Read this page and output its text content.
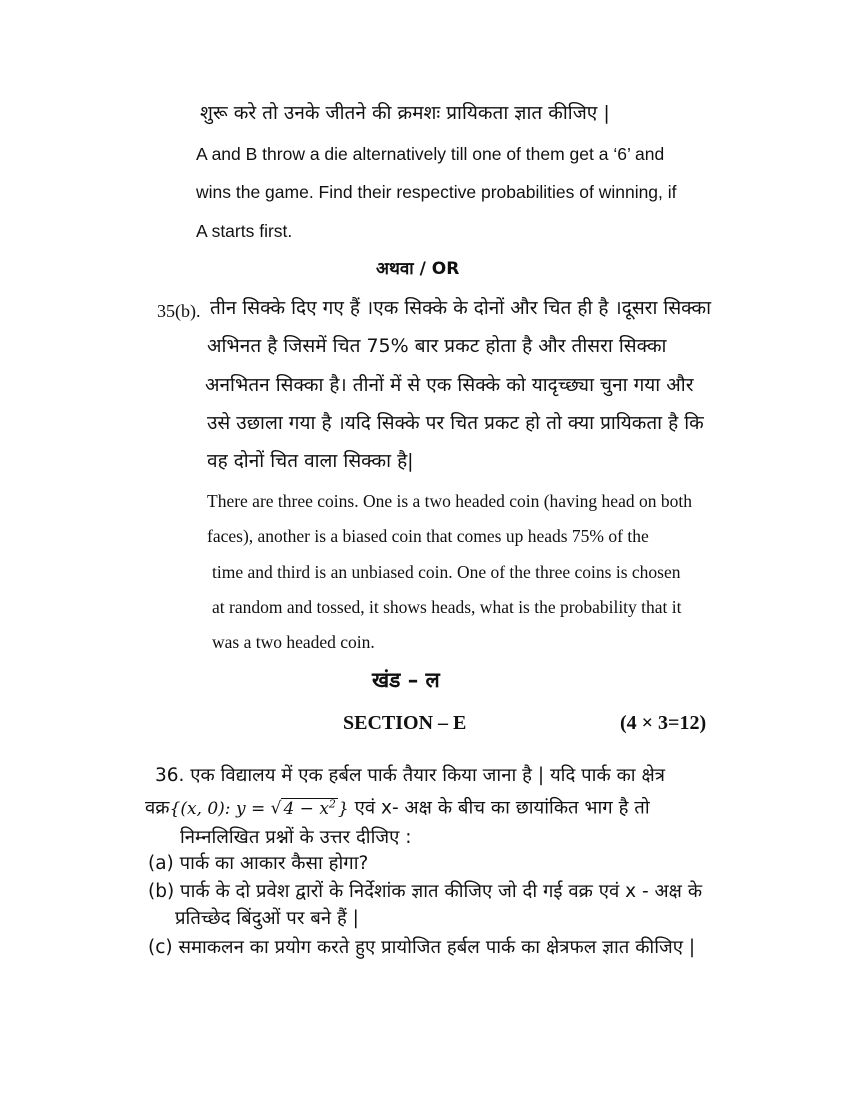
शुरू करे तो उनके जीतने की क्रमशः प्रायिकता ज्ञात कीजिए |
A and B throw a die alternatively till one of them get a ‘6’ and
wins the game. Find their respective probabilities of winning, if
A starts first.
अथवा / OR
35(b). तीन सिक्के दिए गए हैं ।एक सिक्के के दोनों और चित ही है ।दूसरा सिक्का
अभिनत है जिसमें चित 75% बार प्रकट होता है और तीसरा सिक्का
अनभितन सिक्का है। तीनों में से एक सिक्के को यादृच्छ्या चुना गया और
उसे उछाला गया है ।यदि सिक्के पर चित प्रकट हो तो क्या प्रायिकता है कि
वह दोनों चित वाला सिक्का है|
There are three coins. One is a two headed coin (having head on both
faces), another is a biased coin that comes up heads 75% of the
time and third is an unbiased coin. One of the three coins is chosen
at random and tossed, it shows heads, what is the probability that it
was a two headed coin.
खंड – ल
SECTION – E	(4 × 3=12)
36. एक विद्यालय में एक हर्बल पार्क तैयार किया जाना है | यदि पार्क का क्षेत्र
वक्र{(x, 0): y = √ $4 - x^2$ } एवं x- अक्ष के बीच का छायांकित भाग है तो
निम्नलिखित प्रश्नों के उत्तर दीजिए :
(a) पार्क का आकार कैसा होगा?
(b) पार्क के दो प्रवेश द्वारों के निर्देशांक ज्ञात कीजिए जो दी गई वक्र एवं x - अक्ष के
प्रतिच्छेद बिंदुओं पर बने हैं |
(c) समाकलन का प्रयोग करते हुए प्रायोजित हर्बल पार्क का क्षेत्रफल ज्ञात कीजिए |
